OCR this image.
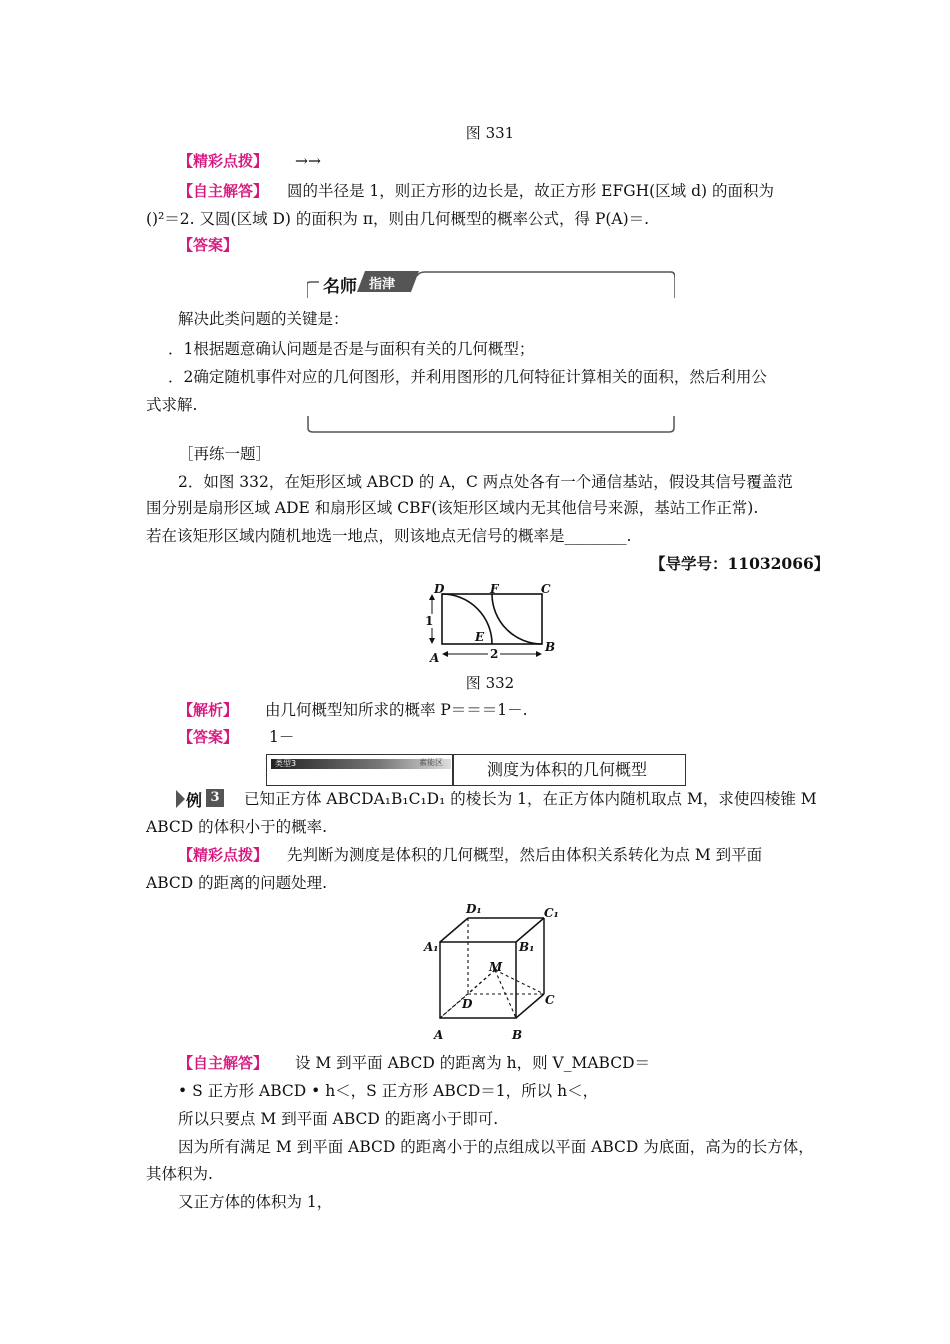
图 331
【精彩点拨】 →→
【自主解答】 圆的半径是 1，则正方形的边长是，故正方形 EFGH(区域 d) 的面积为
()²＝2. 又圆(区域 D) 的面积为 π，则由几何概型的概率公式，得 P(A)＝.
【答案】
名师 指津
解决此类问题的关键是：
．1根据题意确认问题是否是与面积有关的几何概型；
．2确定随机事件对应的几何图形，并利用图形的几何特征计算相关的面积，然后利用公
式求解.
［再练一题］
2．如图 332，在矩形区域 ABCD 的 A，C 两点处各有一个通信基站，假设其信号覆盖范
围分别是扇形区域 ADE 和扇形区域 CBF(该矩形区域内无其他信号来源，基站工作正常).
若在该矩形区域内随机地选一地点，则该地点无信号的概率是________.
【导学号：11032066】
D	F	C
E
B
A
1
2
图 332
【解析】 由几何概型知所求的概率 P＝＝＝1－.
【答案】 1－
类型3	素能区	测度为体积的几何概型
例 3 已知正方体 ABCDA₁B₁C₁D₁ 的棱长为 1，在正方体内随机取点 M，求使四棱锥 M
ABCD 的体积小于的概率.
【精彩点拨】 先判断为测度是体积的几何概型，然后由体积关系转化为点 M 到平面
ABCD 的距离的问题处理.
D₁	C₁
A₁	B₁
M
D	C
A	B
【自主解答】 设 M 到平面 ABCD 的距离为 h，则 V_MABCD＝
• S 正方形 ABCD • h＜，S 正方形 ABCD＝1，所以 h＜，
所以只要点 M 到平面 ABCD 的距离小于即可.
因为所有满足 M 到平面 ABCD 的距离小于的点组成以平面 ABCD 为底面，高为的长方体，
其体积为.
又正方体的体积为 1，
